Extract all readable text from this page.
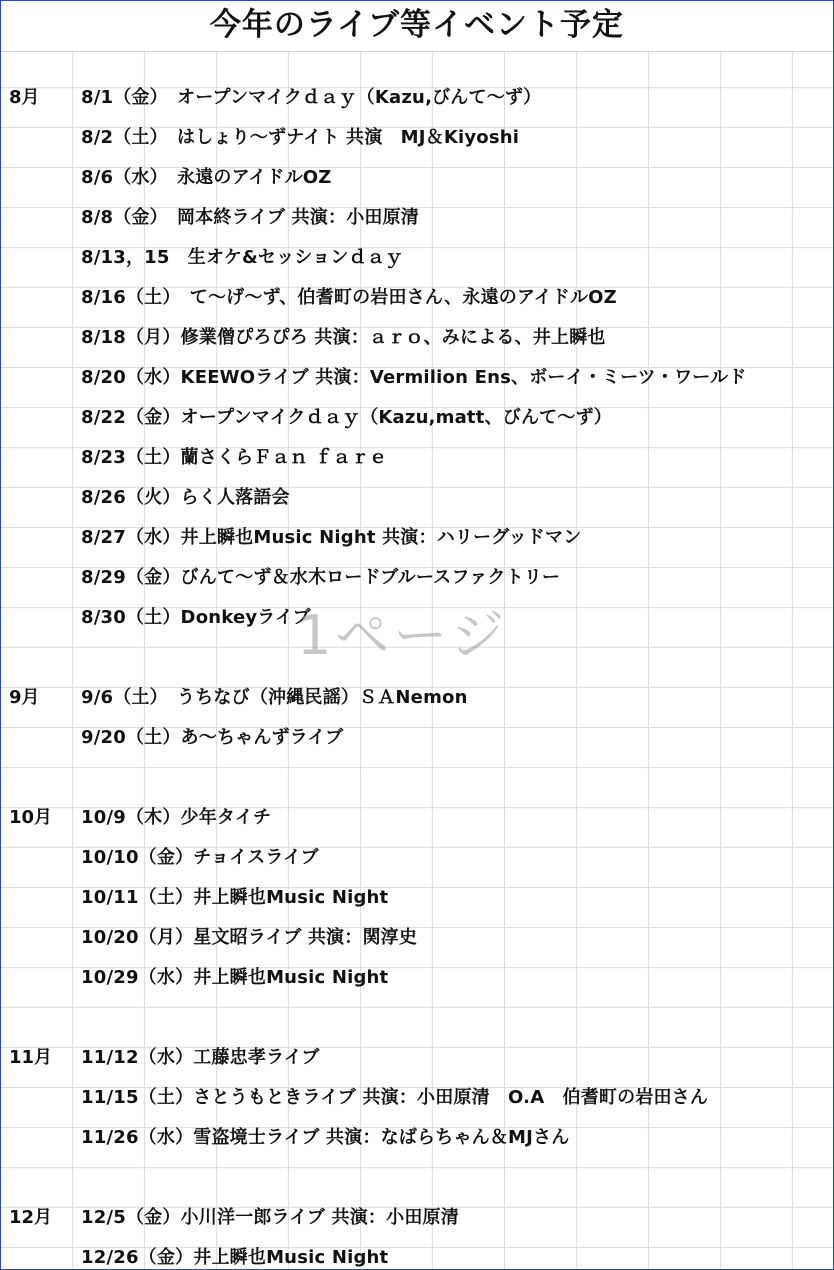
今年のライブ等イベント予定
8月 8/1（金）　オープンマイクｄａｙ（Kazu,びんて〜ず）
8/2（土）　はしょり〜ずナイト 共演　MJ＆Kiyoshi
8/6（水）　永遠のアイドルOZ
8/8（金）　岡本終ライブ 共演：小田原清
8/13，15　生オケ&セッションｄａｙ
8/16（土）　て〜げ〜ず、伯耆町の岩田さん、永遠のアイドルOZ
8/18（月）修業僧ぴろぴろ 共演：ａｒｏ、みによる、井上瞬也
8/20（水）KEEWOライブ 共演：Vermilion Ens、ボーイ・ミーツ・ワールド
8/22（金）オープンマイクｄａｙ（Kazu,matt、びんて〜ず）
8/23（土）蘭さくらＦａｎ ｆａｒｅ
8/26（火）らく人落語会
8/27（水）井上瞬也Music Night 共演：ハリーグッドマン
8/29（金）びんて〜ず＆水木ロードブルースファクトリー
8/30（土）Donkeyライブ
9月 9/6（土）　うちなび（沖縄民謡）ＳＡNemon
9/20（土）あ〜ちゃんずライブ
10月 10/9（木）少年タイチ
10/10（金）チョイスライブ
10/11（土）井上瞬也Music Night
10/20（月）星文昭ライブ 共演：関淳史
10/29（水）井上瞬也Music Night
11月 11/12（水）工藤忠孝ライブ
11/15（土）さとうもときライブ 共演：小田原清　O.A　伯耆町の岩田さん
11/26（水）雪盗境士ライブ 共演：なばらちゃん＆MJさん
12月 12/5（金）小川洋一郎ライブ 共演：小田原清
12/26（金）井上瞬也Music Night
1ページ
